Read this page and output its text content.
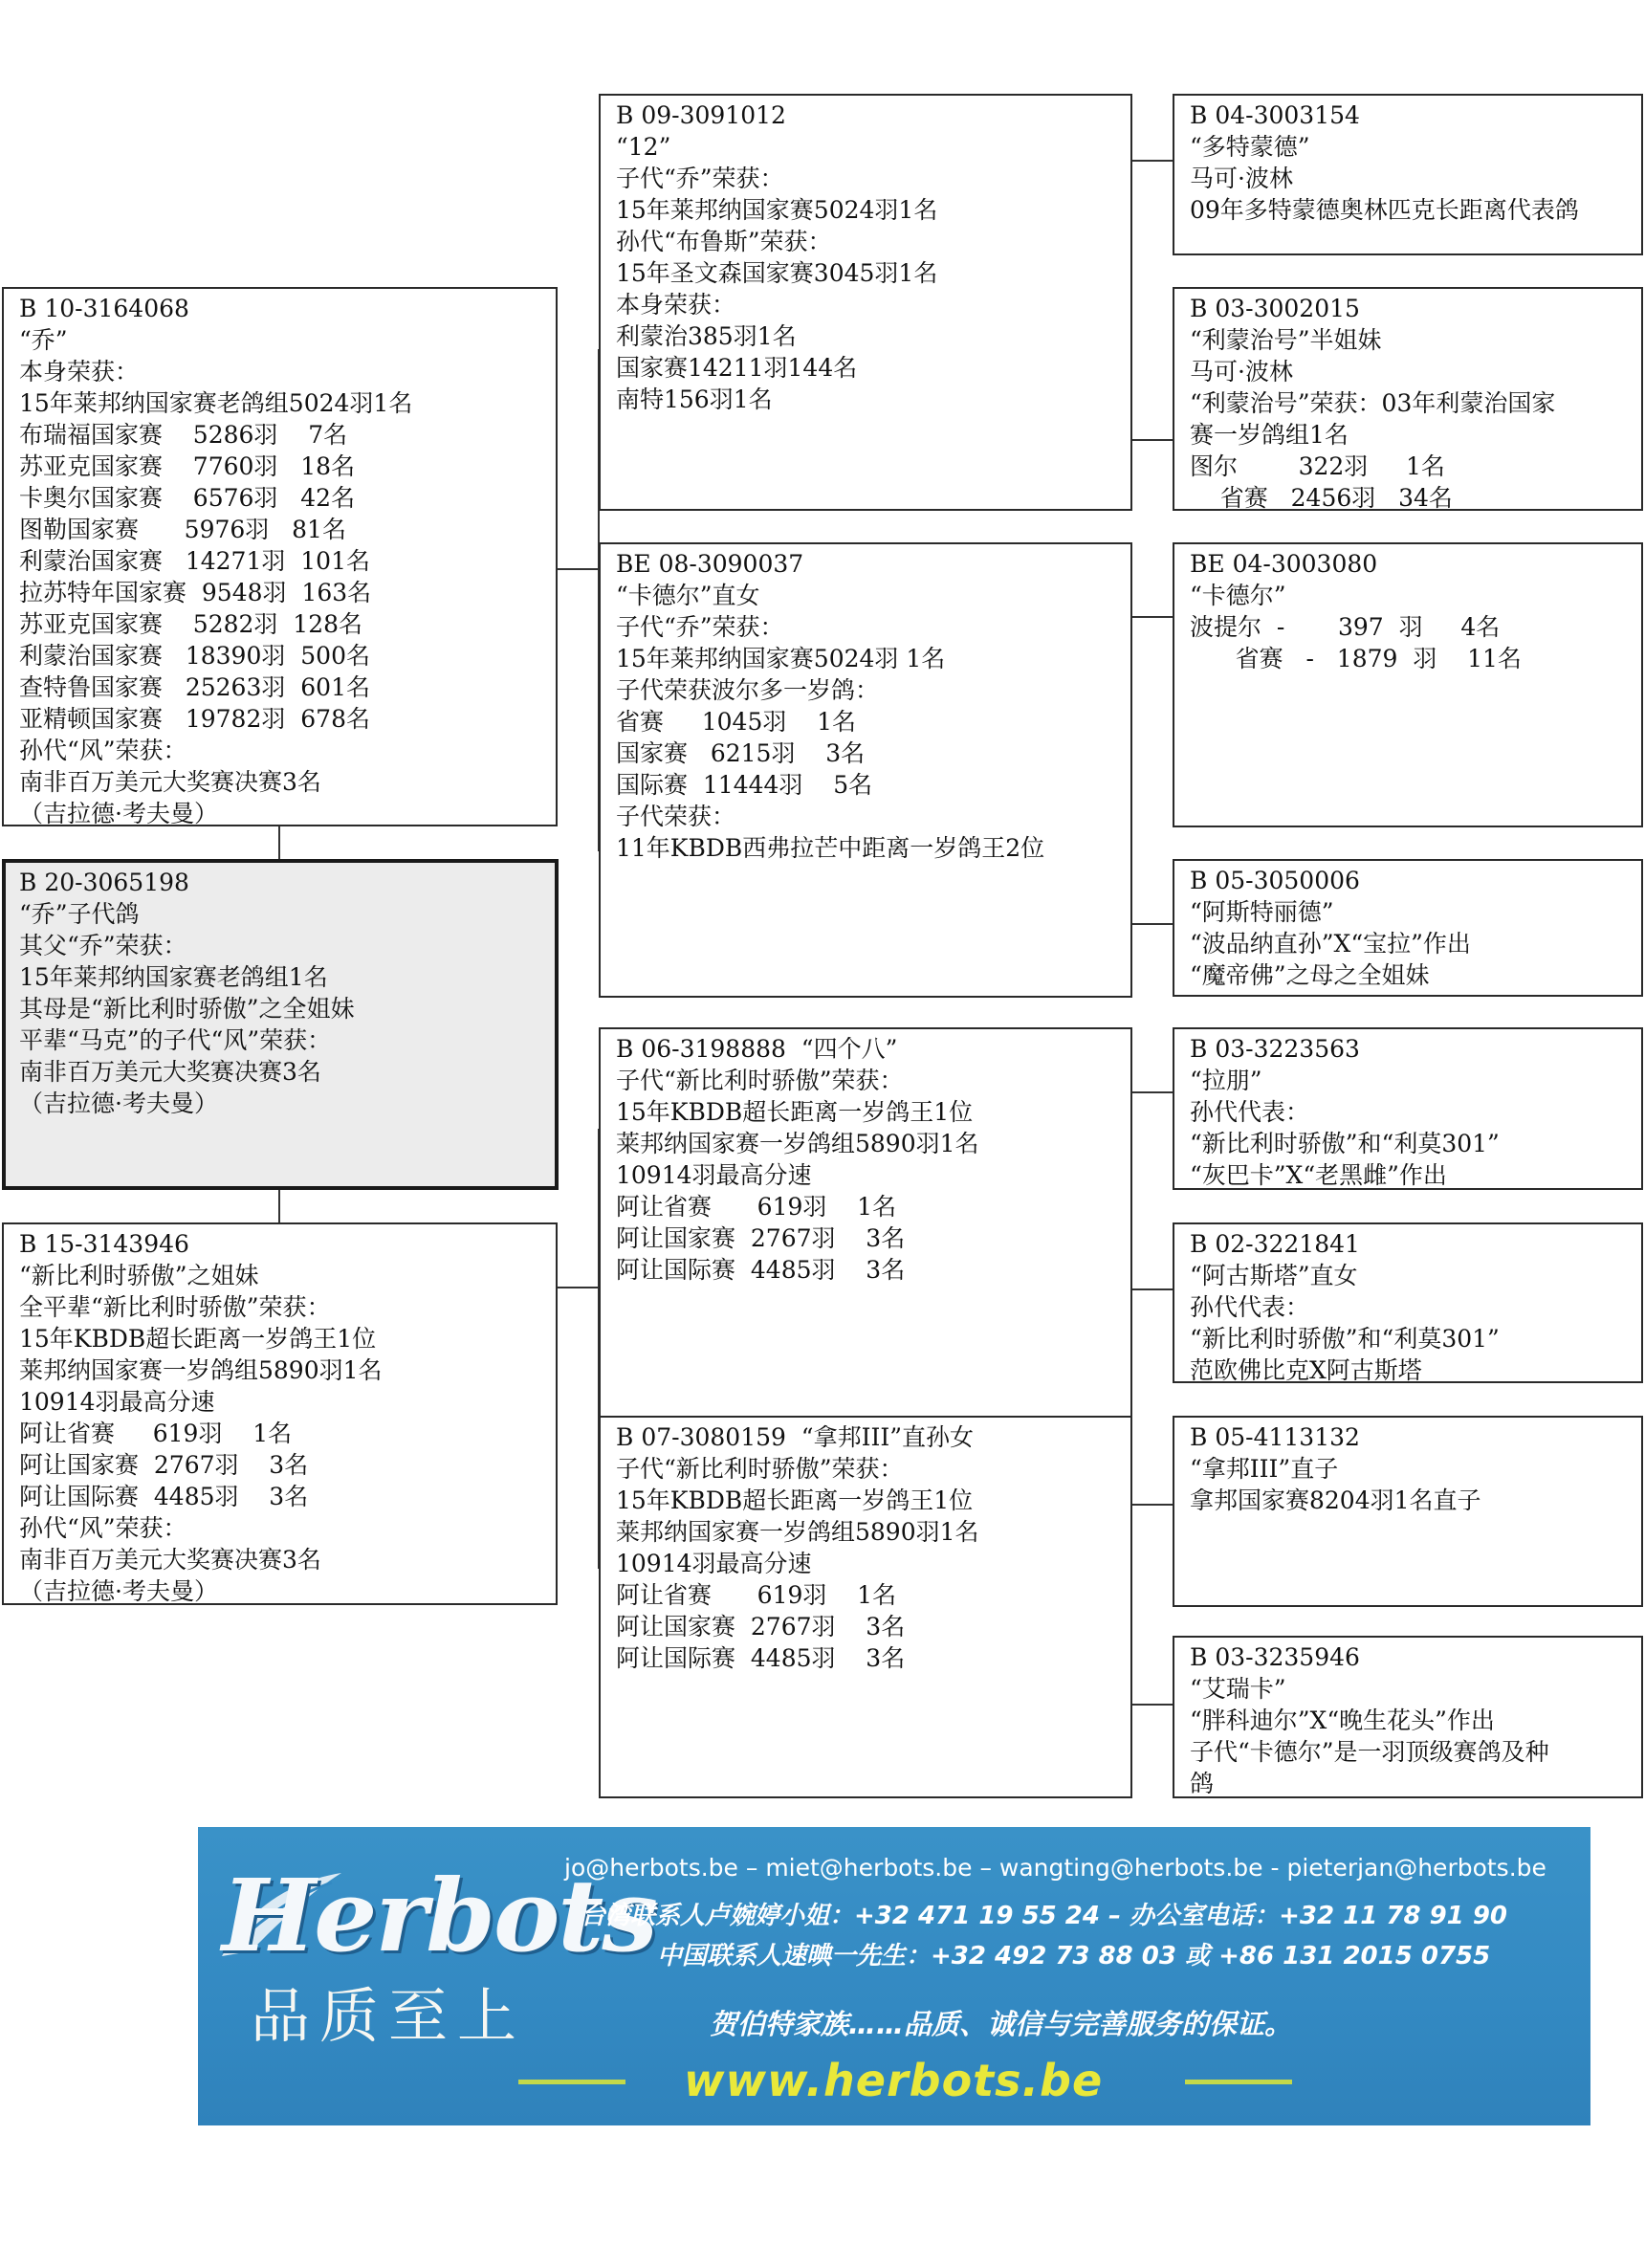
B 10-3164068
“乔”
本身荣获：
15年莱邦纳国家赛老鸽组5024羽1名
布瑞福国家赛    5286羽    7名
苏亚克国家赛    7760羽   18名
卡奥尔国家赛    6576羽   42名
图勒国家赛      5976羽   81名
利蒙治国家赛   14271羽  101名
拉苏特年国家赛  9548羽  163名
苏亚克国家赛    5282羽  128名
利蒙治国家赛   18390羽  500名
查特鲁国家赛   25263羽  601名
亚精顿国家赛   19782羽  678名
孙代“风”荣获：
南非百万美元大奖赛决赛3名
（吉拉德·考夫曼）
B 20-3065198
“乔”子代鸽
其父“乔”荣获：
15年莱邦纳国家赛老鸽组1名
其母是“新比利时骄傲”之全姐妹
平辈“马克”的子代“风”荣获：
南非百万美元大奖赛决赛3名
（吉拉德·考夫曼）
B 15-3143946
“新比利时骄傲”之姐妹
全平辈“新比利时骄傲”荣获：
15年KBDB超长距离一岁鸽王1位
莱邦纳国家赛一岁鸽组5890羽1名
10914羽最高分速
阿让省赛     619羽    1名
阿让国家赛  2767羽    3名
阿让国际赛  4485羽    3名
孙代“风”荣获：
南非百万美元大奖赛决赛3名
（吉拉德·考夫曼）
B 09-3091012
“12”
子代“乔”荣获：
15年莱邦纳国家赛5024羽1名
孙代“布鲁斯”荣获：
15年圣文森国家赛3045羽1名
本身荣获：
利蒙治385羽1名
国家赛14211羽144名
南特156羽1名
BE 08-3090037
“卡德尔”直女
子代“乔”荣获：
15年莱邦纳国家赛5024羽 1名
子代荣获波尔多一岁鸽：
省赛     1045羽    1名
国家赛   6215羽    3名
国际赛  11444羽    5名
子代荣获：
11年KBDB西弗拉芒中距离一岁鸽王2位
B 06-3198888  “四个八”
子代“新比利时骄傲”荣获：
15年KBDB超长距离一岁鸽王1位
莱邦纳国家赛一岁鸽组5890羽1名
10914羽最高分速
阿让省赛      619羽    1名
阿让国家赛  2767羽    3名
阿让国际赛  4485羽    3名
B 07-3080159  “拿邦III”直孙女
子代“新比利时骄傲”荣获：
15年KBDB超长距离一岁鸽王1位
莱邦纳国家赛一岁鸽组5890羽1名
10914羽最高分速
阿让省赛      619羽    1名
阿让国家赛  2767羽    3名
阿让国际赛  4485羽    3名
B 04-3003154
“多特蒙德”
马可·波林
09年多特蒙德奥林匹克长距离代表鸽
B 03-3002015
“利蒙治号”半姐妹
马可·波林
“利蒙治号”荣获：03年利蒙治国家
赛一岁鸽组1名
图尔        322羽     1名
省赛   2456羽   34名
BE 04-3003080
“卡德尔”
波提尔  -       397  羽     4名
省赛   -   1879  羽    11名
B 05-3050006
“阿斯特丽德”
“波品纳直孙”X“宝拉”作出
“魔帝佛”之母之全姐妹
B 03-3223563
“拉朋”
孙代代表：
“新比利时骄傲”和“利莫301”
“灰巴卡”X“老黑雌”作出
B 02-3221841
“阿古斯塔”直女
孙代代表：
“新比利时骄傲”和“利莫301”
范欧佛比克X阿古斯塔
B 05-4113132
“拿邦III”直子
拿邦国家赛8204羽1名直子
B 03-3235946
“艾瑞卡”
“胖科迪尔”X“晚生花头”作出
子代“卡德尔”是一羽顶级赛鸽及种
鸽
Herbots
品质至上
jo@herbots.be – miet@herbots.be – wangting@herbots.be - pieterjan@herbots.be
台湾联系人卢婉婷小姐：+32 471 19 55 24 – 办公室电话：+32 11 78 91 90
中国联系人速晪一先生：+32 492 73 88 03 或 +86 131 2015 0755
贺伯特家族……品质、诚信与完善服务的保证。
www.herbots.be
